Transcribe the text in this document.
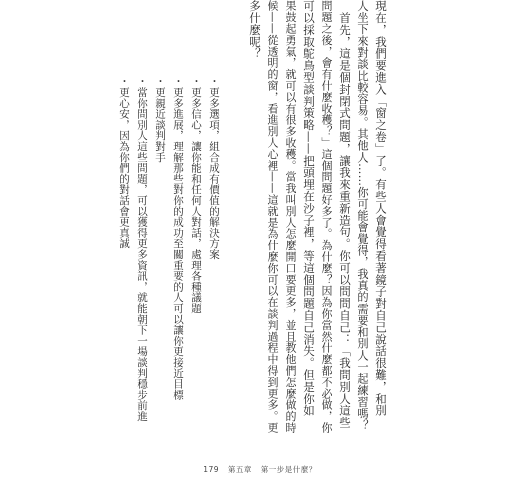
現在，我們要進入「窗之卷」了。有些人會覺得看著鏡子對自己說話很難，和別
人坐下來對談比較容易。其他人……你可能會覺得，我真的需要和別人一起練習嗎？
　首先，這是個封閉式問題，讓我來重新造句。你可以問問自己：「我問別人這些
問題之後，會有什麼收穫？」這個問題好多了。為什麼？因為你當然什麼都不必做，你
可以採取鴕鳥型談判策略——把頭埋在沙子裡，等這個問題自己消失。但是你如
果鼓起勇氣，就可以有很多收穫。當我叫別人怎麼開口要更多，並且教他們怎麼做的時
候——從透明的窗，看進別人心裡——這就是為什麼你可以在談判過程中得到更多。更
多什麼呢？
・更多選項，組合成有價值的解決方案
・更多信心，讓你能和任何人對話，處理各種議題
・更多進展，理解那些對你的成功至關重要的人可以讓你更接近目標
・更親近談判對手
・當你問別人這些問題，可以獲得更多資訊，就能朝下一場談判穩步前進
・更心安，因為你們的對話會更真誠
179 第五章 第一步是什麼？
